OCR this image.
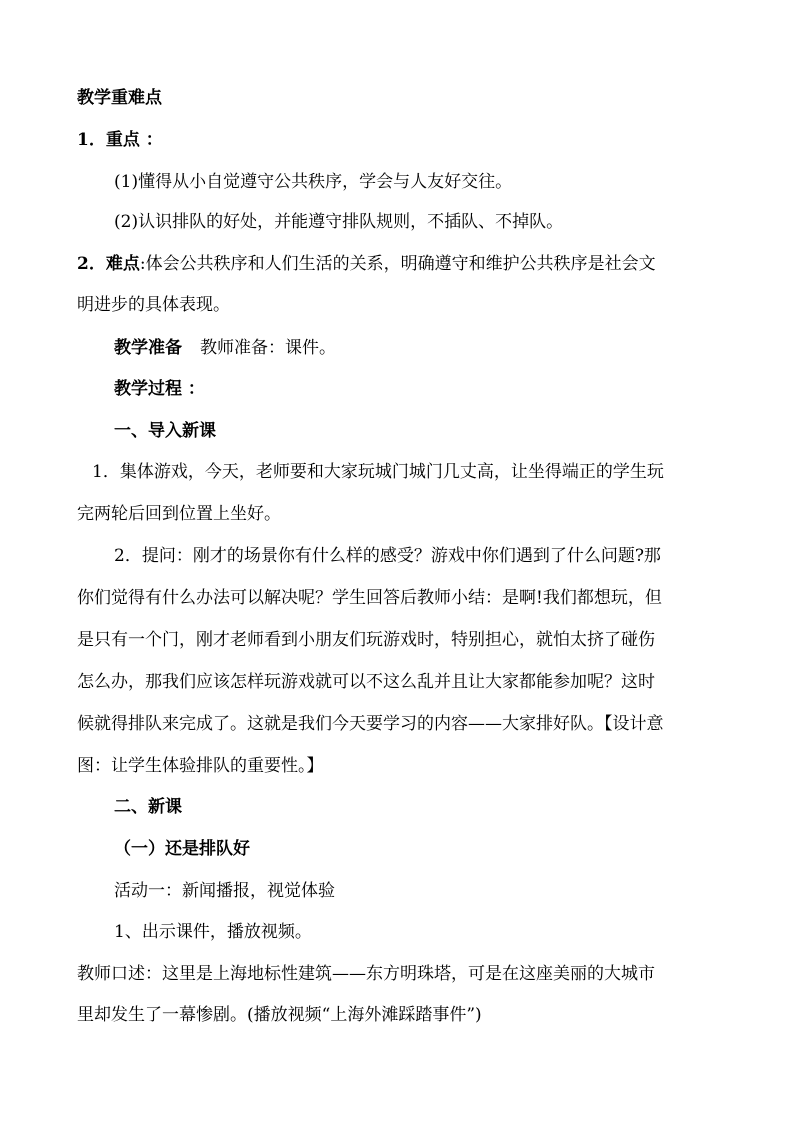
教学重难点
1．重点 ：
(1)懂得从小自觉遵守公共秩序，学会与人友好交往。
(2)认识排队的好处，并能遵守排队规则，不插队、不掉队。
2．难点:体会公共秩序和人们生活的关系，明确遵守和维护公共秩序是社会文
明进步的具体表现。
教学准备 教师准备：课件。
教学过程 ：
一、导入新课
1．集体游戏，今天，老师要和大家玩城门城门几丈高，让坐得端正的学生玩
完两轮后回到位置上坐好。
2．提问：刚才的场景你有什么样的感受？游戏中你们遇到了什么问题?那
你们觉得有什么办法可以解决呢？学生回答后教师小结：是啊!我们都想玩，但
是只有一个门，刚才老师看到小朋友们玩游戏时，特别担心，就怕太挤了碰伤
怎么办，那我们应该怎样玩游戏就可以不这么乱并且让大家都能参加呢？这时
候就得排队来完成了。这就是我们今天要学习的内容——大家排好队。【设计意
图：让学生体验排队的重要性。】
二、新课
（一）还是排队好
活动一：新闻播报，视觉体验
1、出示课件，播放视频。
教师口述：这里是上海地标性建筑——东方明珠塔，可是在这座美丽的大城市
里却发生了一幕惨剧。(播放视频“上海外滩踩踏事件”)
